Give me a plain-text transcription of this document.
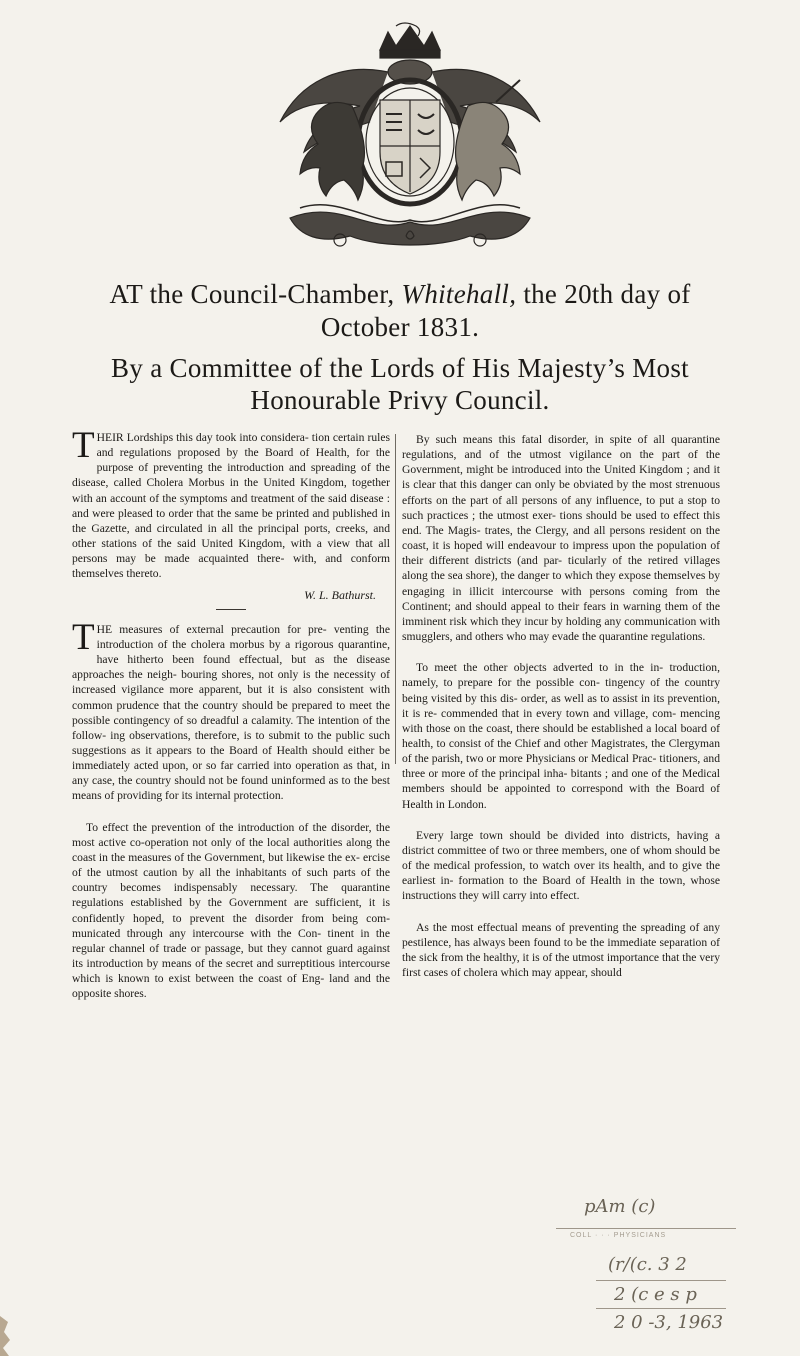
AT the Council-Chamber, Whitehall, the 20th day of
October 1831.
By a Committee of the Lords of His Majesty’s Most
Honourable Privy Council.

THEIR Lordships this day took into considera- tion certain rules and regulations proposed by the Board of Health, for the purpose of preventing the introduction and spreading of the disease, called Cholera Morbus in the United Kingdom, together with an account of the symptoms and treatment of the said disease : and were pleased to order that the same be printed and published in the Gazette, and circulated in all the principal ports, creeks, and other stations of the said United Kingdom, with a view that all persons may be made acquainted there- with, and conform themselves thereto.

W. L. Bathurst.

THE measures of external precaution for pre- venting the introduction of the cholera morbus by a rigorous quarantine, have hitherto been found effectual, but as the disease approaches the neigh- bouring shores, not only is the necessity of increased vigilance more apparent, but it is also consistent with common prudence that the country should be prepared to meet the possible contingency of so dreadful a calamity. The intention of the follow- ing observations, therefore, is to submit to the public such suggestions as it appears to the Board of Health should either be immediately acted upon, or so far carried into operation as that, in any case, the country should not be found uninformed as to the best means of providing for its internal protection.

To effect the prevention of the introduction of the disorder, the most active co-operation not only of the local authorities along the coast in the measures of the Government, but likewise the ex- ercise of the utmost caution by all the inhabitants of such parts of the country becomes indispensably necessary. The quarantine regulations established by the Government are sufficient, it is confidently hoped, to prevent the disorder from being com- municated through any intercourse with the Con- tinent in the regular channel of trade or passage, but they cannot guard against its introduction by means of the secret and surreptitious intercourse which is known to exist between the coast of Eng- land and the opposite shores.

By such means this fatal disorder, in spite of all quarantine regulations, and of the utmost vigilance on the part of the Government, might be introduced into the United Kingdom ; and it is clear that this danger can only be obviated by the most strenuous efforts on the part of all persons of any influence, to put a stop to such practices ; the utmost exer- tions should be used to effect this end. The Magis- trates, the Clergy, and all persons resident on the coast, it is hoped will endeavour to impress upon the population of their different districts (and par- ticularly of the retired villages along the sea shore), the danger to which they expose themselves by engaging in illicit intercourse with persons coming from the Continent; and should appeal to their fears in warning them of the imminent risk which they incur by holding any communication with smugglers, and others who may evade the quarantine regulations.

To meet the other objects adverted to in the in- troduction, namely, to prepare for the possible con- tingency of the country being visited by this dis- order, as well as to assist in its prevention, it is re- commended that in every town and village, com- mencing with those on the coast, there should be established a local board of health, to consist of the Chief and other Magistrates, the Clergyman of the parish, two or more Physicians or Medical Prac- titioners, and three or more of the principal inha- bitants ; and one of the Medical members should be appointed to correspond with the Board of Health in London.

Every large town should be divided into districts, having a district committee of two or three members, one of whom should be of the medical profession, to watch over its health, and to give the earliest in- formation to the Board of Health in the town, whose instructions they will carry into effect.

As the most effectual means of preventing the spreading of any pestilence, has always been found to be the immediate separation of the sick from the healthy, it is of the utmost importance that the very first cases of cholera which may appear, should

pAm (c)
COLL · · · PHYSICIANS
(r/(c. 3 2
2 (c e s p
2 0 -3, 1963
